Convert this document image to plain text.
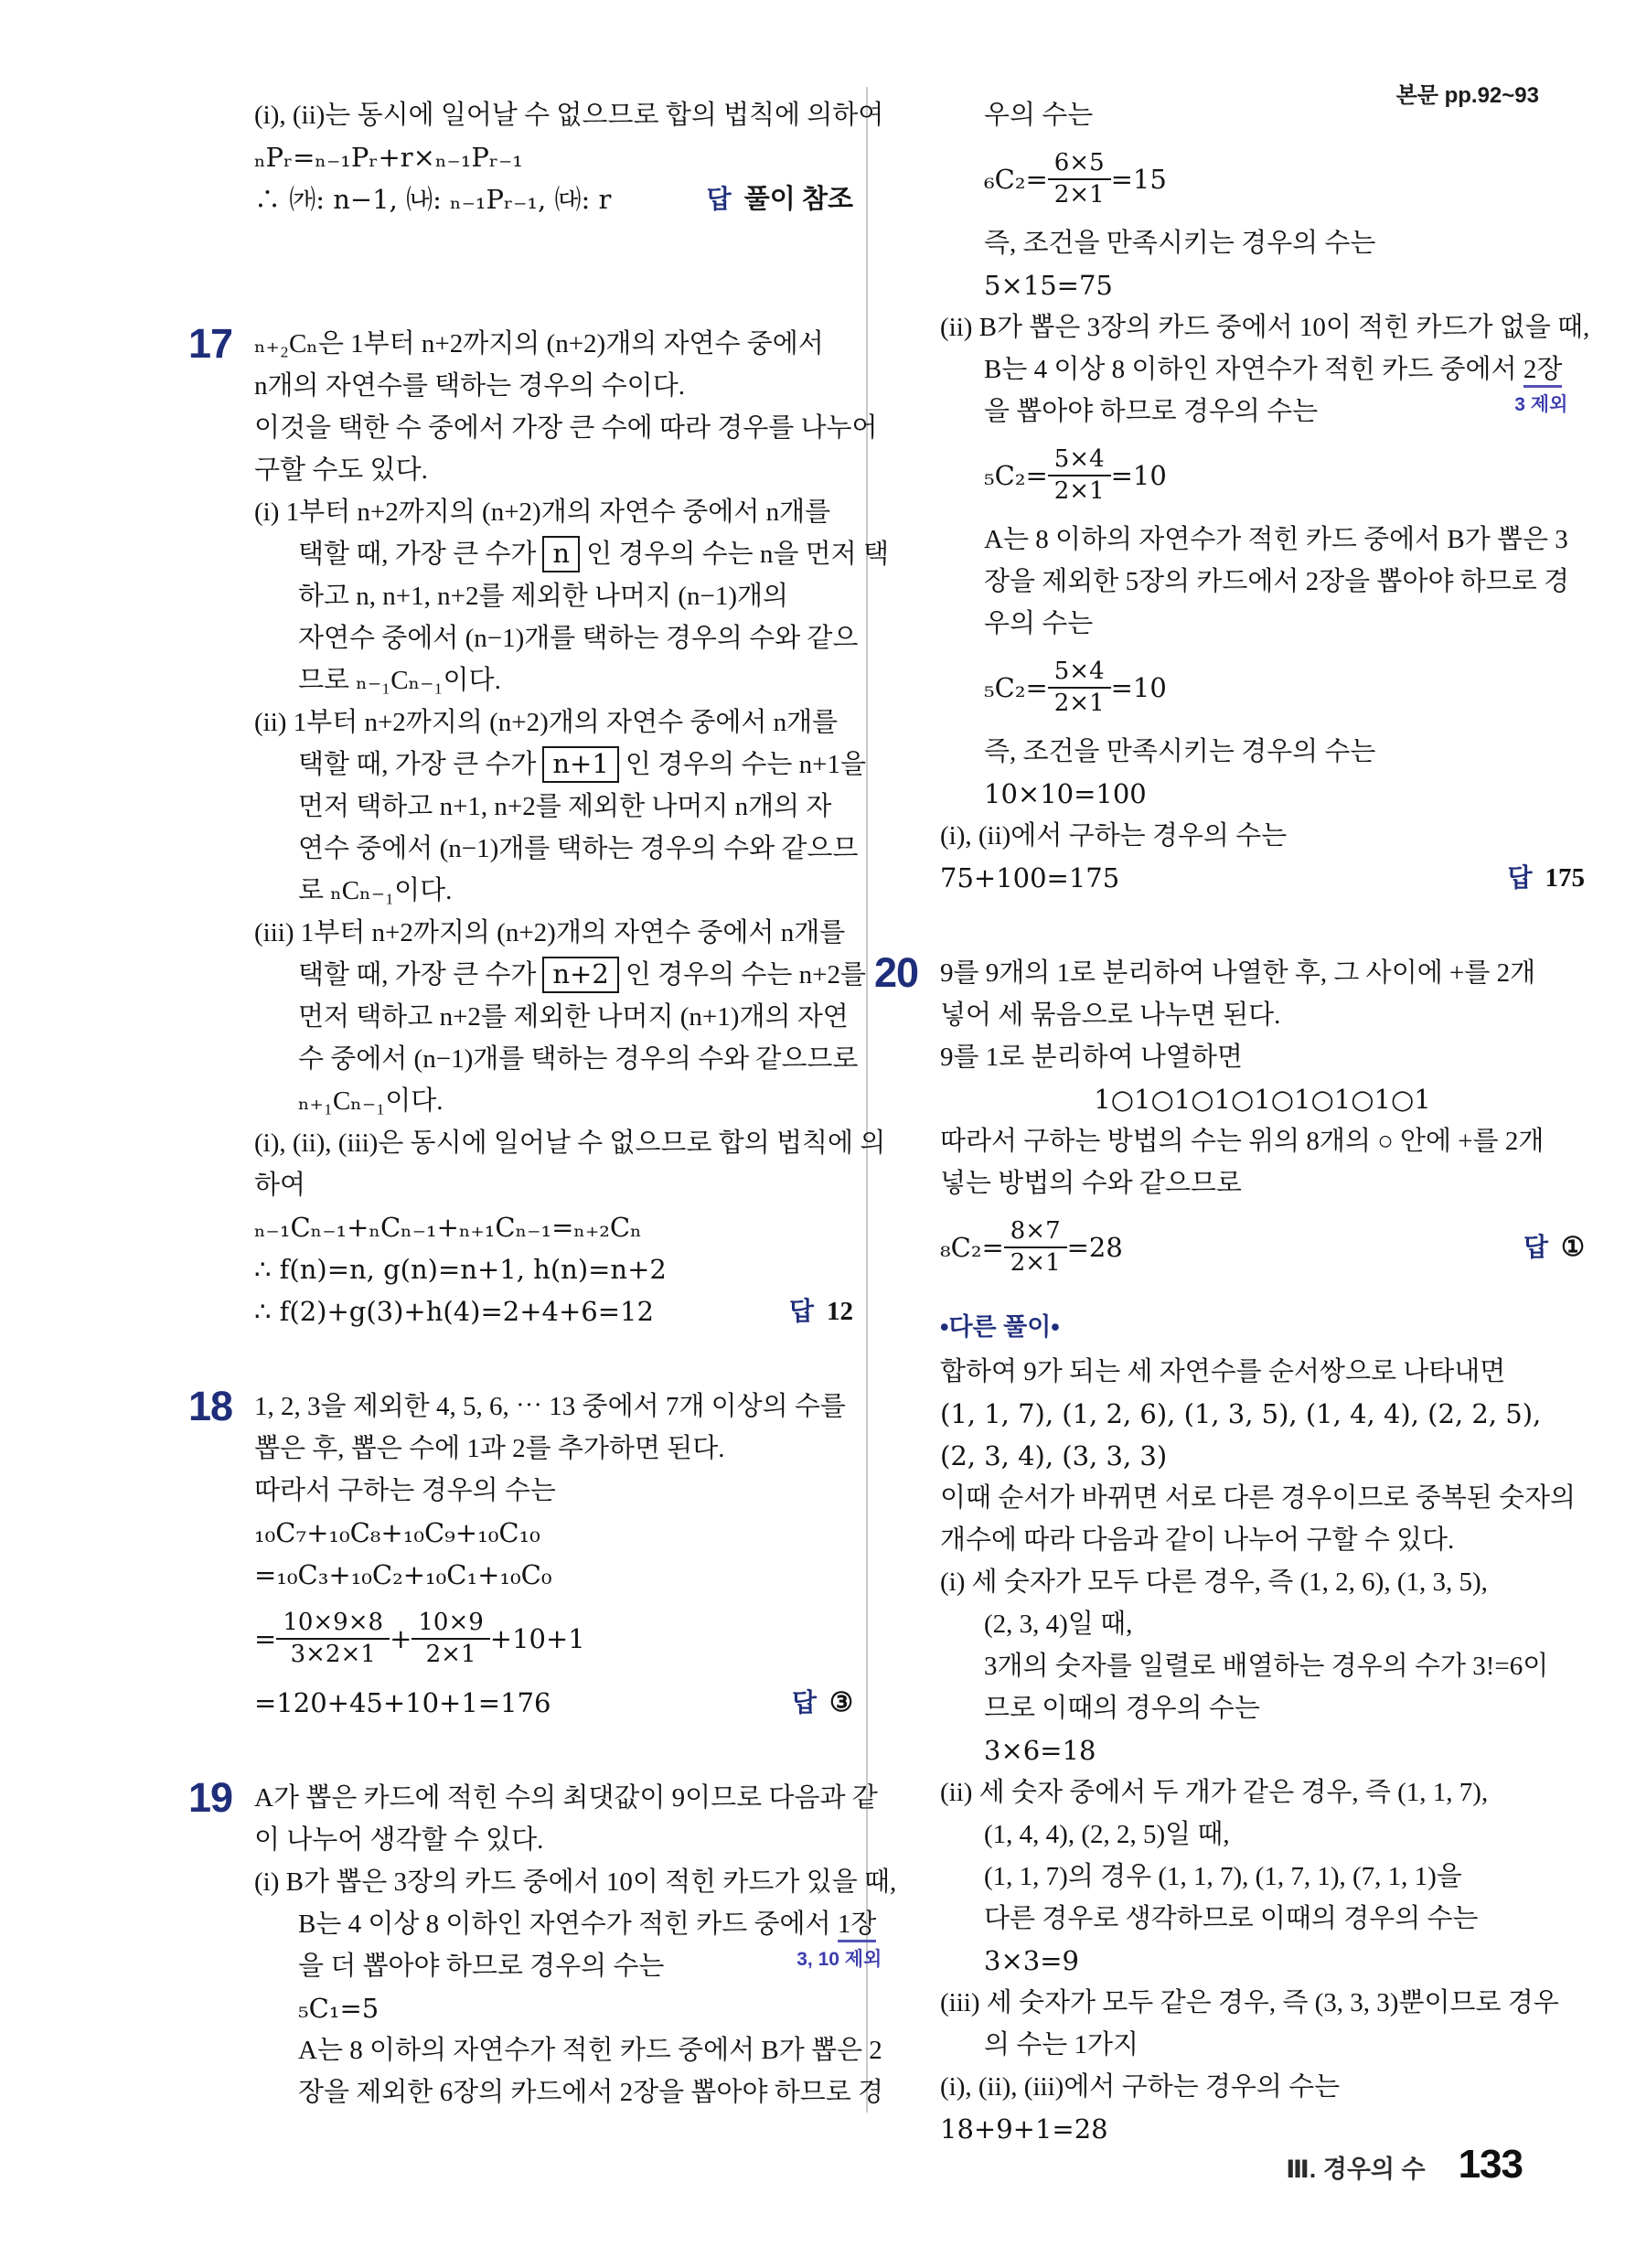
본문 pp.92~93
(i), (ii)는 동시에 일어날 수 없으므로 합의 법칙에 의하여
ₙPᵣ=ₙ₋₁Pᵣ+r×ₙ₋₁Pᵣ₋₁
∴ ㈎: n−1, ㈏: ₙ₋₁Pᵣ₋₁, ㈐: r	답 풀이 참조
17 ₙ₊₂Cₙ은 1부터 n+2까지의 (n+2)개의 자연수 중에서
n개의 자연수를 택하는 경우의 수이다.
이것을 택한 수 중에서 가장 큰 수에 따라 경우를 나누어
구할 수도 있다.
(i) 1부터 n+2까지의 (n+2)개의 자연수 중에서 n개를
택할 때, 가장 큰 수가 n 인 경우의 수는 n을 먼저 택
하고 n, n+1, n+2를 제외한 나머지 (n−1)개의
자연수 중에서 (n−1)개를 택하는 경우의 수와 같으
므로 ₙ₋₁Cₙ₋₁이다.
(ii) 1부터 n+2까지의 (n+2)개의 자연수 중에서 n개를
택할 때, 가장 큰 수가 n+1 인 경우의 수는 n+1을
먼저 택하고 n+1, n+2를 제외한 나머지 n개의 자
연수 중에서 (n−1)개를 택하는 경우의 수와 같으므
로 ₙCₙ₋₁이다.
(iii) 1부터 n+2까지의 (n+2)개의 자연수 중에서 n개를
택할 때, 가장 큰 수가 n+2 인 경우의 수는 n+2를
먼저 택하고 n+2를 제외한 나머지 (n+1)개의 자연
수 중에서 (n−1)개를 택하는 경우의 수와 같으므로
ₙ₊₁Cₙ₋₁이다.
(i), (ii), (iii)은 동시에 일어날 수 없으므로 합의 법칙에 의
하여
ₙ₋₁Cₙ₋₁+ₙCₙ₋₁+ₙ₊₁Cₙ₋₁=ₙ₊₂Cₙ
∴ f(n)=n, g(n)=n+1, h(n)=n+2
∴ f(2)+g(3)+h(4)=2+4+6=12	답 12
18 1, 2, 3을 제외한 4, 5, 6, ⋯ 13 중에서 7개 이상의 수를
뽑은 후, 뽑은 수에 1과 2를 추가하면 된다.
따라서 구하는 경우의 수는
₁₀C₇+₁₀C₈+₁₀C₉+₁₀C₁₀
=₁₀C₃+₁₀C₂+₁₀C₁+₁₀C₀
= $\frac{10\times 9\times 8}{3\times 2\times 1} + \frac{10\times 9}{2\times 1} +10+1$
=120+45+10+1=176	답 ③
19 A가 뽑은 카드에 적힌 수의 최댓값이 9이므로 다음과 같
이 나누어 생각할 수 있다.
(i) B가 뽑은 3장의 카드 중에서 10이 적힌 카드가 있을 때,
B는 4 이상 8 이하인 자연수가 적힌 카드 중에서 1장
3, 10 제외
을 더 뽑아야 하므로 경우의 수는
₅C₁=5
A는 8 이하의 자연수가 적힌 카드 중에서 B가 뽑은 2
장을 제외한 6장의 카드에서 2장을 뽑아야 하므로 경
우의 수는
$_6C_2= \frac{6\times 5}{2\times 1} =15$
즉, 조건을 만족시키는 경우의 수는
5×15=75
(ii) B가 뽑은 3장의 카드 중에서 10이 적힌 카드가 없을 때,
B는 4 이상 8 이하인 자연수가 적힌 카드 중에서 2장
3 제외
을 뽑아야 하므로 경우의 수는
$_5C_2= \frac{5\times 4}{2\times 1} =10$
A는 8 이하의 자연수가 적힌 카드 중에서 B가 뽑은 3
장을 제외한 5장의 카드에서 2장을 뽑아야 하므로 경
우의 수는
$_5C_2= \frac{5\times 4}{2\times 1} =10$
즉, 조건을 만족시키는 경우의 수는
10×10=100
(i), (ii)에서 구하는 경우의 수는
75+100=175	답 175
20 9를 9개의 1로 분리하여 나열한 후, 그 사이에 +를 2개
넣어 세 묶음으로 나누면 된다.
9를 1로 분리하여 나열하면
1○1○1○1○1○1○1○1○1
따라서 구하는 방법의 수는 위의 8개의 ○ 안에 +를 2개
넣는 방법의 수와 같으므로
$_8C_2= \frac{8\times 7}{2\times 1} =28$	답 ①
•다른 풀이•
합하여 9가 되는 세 자연수를 순서쌍으로 나타내면
(1, 1, 7), (1, 2, 6), (1, 3, 5), (1, 4, 4), (2, 2, 5),
(2, 3, 4), (3, 3, 3)
이때 순서가 바뀌면 서로 다른 경우이므로 중복된 숫자의
개수에 따라 다음과 같이 나누어 구할 수 있다.
(i) 세 숫자가 모두 다른 경우, 즉 (1, 2, 6), (1, 3, 5),
(2, 3, 4)일 때,
3개의 숫자를 일렬로 배열하는 경우의 수가 3!=6이
므로 이때의 경우의 수는
3×6=18
(ii) 세 숫자 중에서 두 개가 같은 경우, 즉 (1, 1, 7),
(1, 4, 4), (2, 2, 5)일 때,
(1, 1, 7)의 경우 (1, 1, 7), (1, 7, 1), (7, 1, 1)을
다른 경우로 생각하므로 이때의 경우의 수는
3×3=9
(iii) 세 숫자가 모두 같은 경우, 즉 (3, 3, 3)뿐이므로 경우
의 수는 1가지
(i), (ii), (iii)에서 구하는 경우의 수는
18+9+1=28
Ⅲ. 경우의 수 133
